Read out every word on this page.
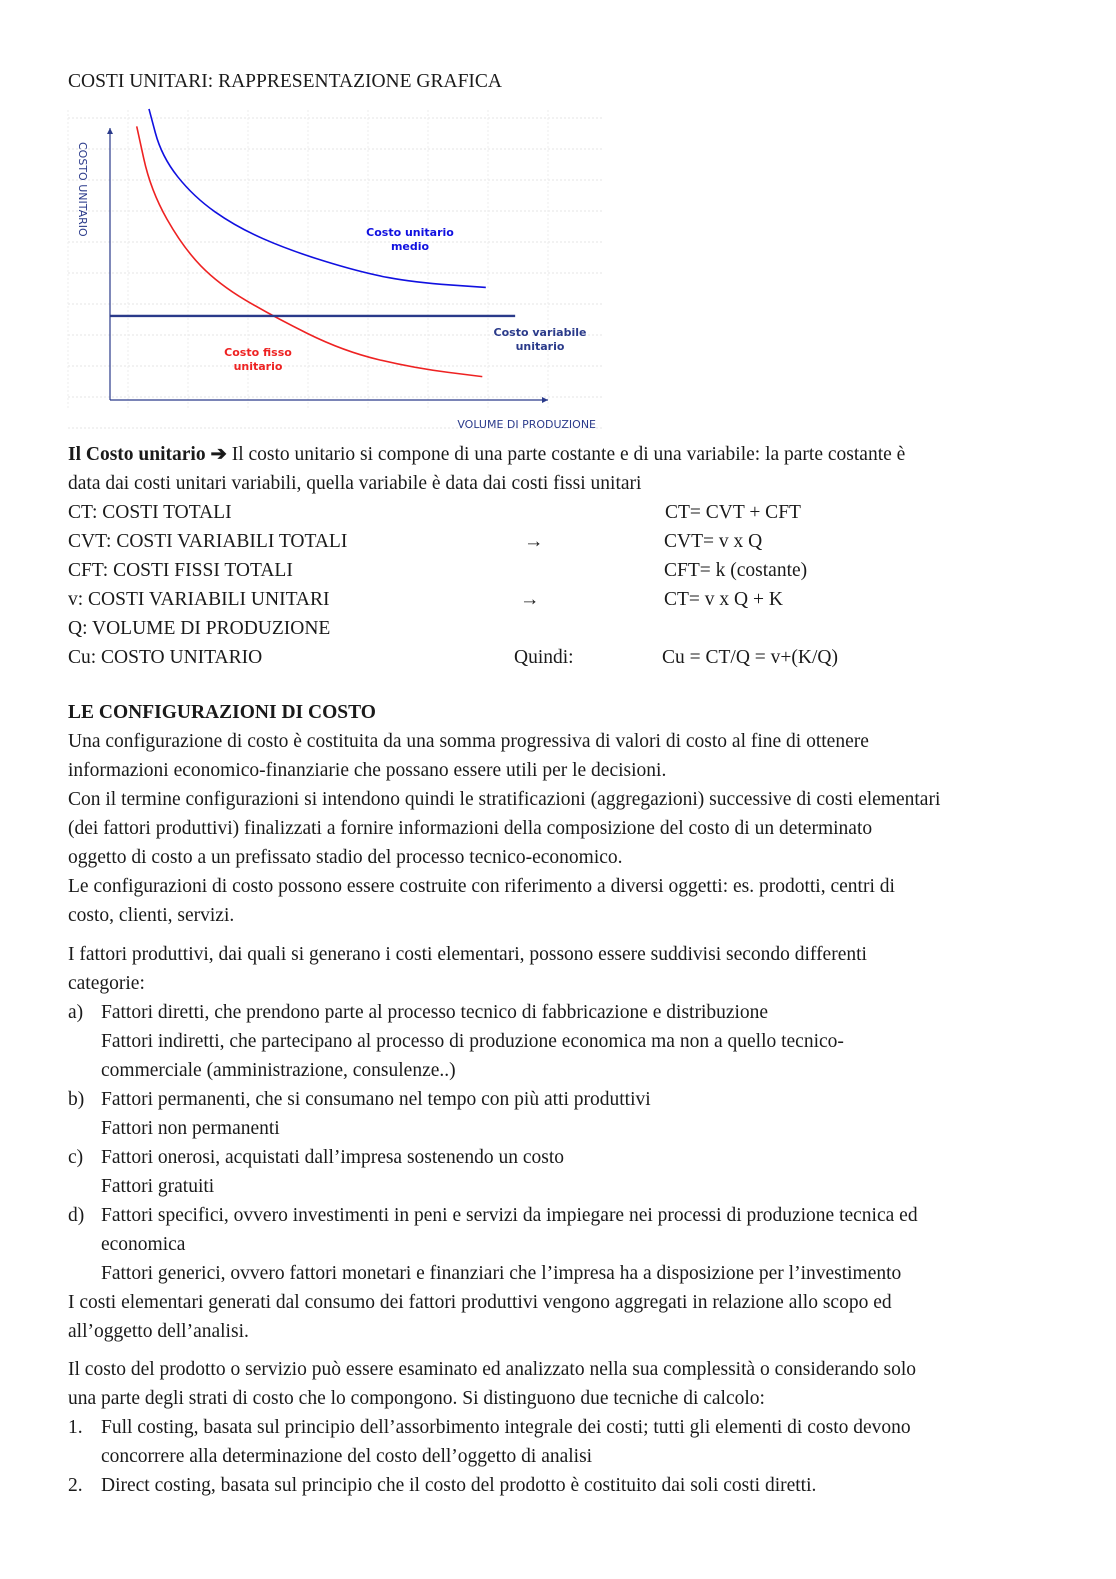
COSTI UNITARI: RAPPRESENTAZIONE GRAFICA
COSTO UNITARIO
VOLUME DI PRODUZIONE
Costo unitario
medio
Costo fisso
unitario
Costo variabile
unitario
Il Costo unitario ➔ Il costo unitario si compone di una parte costante e di una variabile: la parte costante è
data dai costi unitari variabili, quella variabile è data dai costi fissi unitari
CT: COSTI TOTALI	CT= CVT + CFT
CVT: COSTI VARIABILI TOTALI	→	CVT= v x Q
CFT: COSTI FISSI TOTALI	CFT= k (costante)
v: COSTI VARIABILI UNITARI	→	CT= v x Q + K
Q: VOLUME DI PRODUZIONE
Cu: COSTO UNITARIO	Quindi:	Cu = CT/Q = v+(K/Q)
LE CONFIGURAZIONI DI COSTO
Una configurazione di costo è costituita da una somma progressiva di valori di costo al fine di ottenere
informazioni economico-finanziarie che possano essere utili per le decisioni.
Con il termine configurazioni si intendono quindi le stratificazioni (aggregazioni) successive di costi elementari
(dei fattori produttivi) finalizzati a fornire informazioni della composizione del costo di un determinato
oggetto di costo a un prefissato stadio del processo tecnico-economico.
Le configurazioni di costo possono essere costruite con riferimento a diversi oggetti: es. prodotti, centri di
costo, clienti, servizi.
I fattori produttivi, dai quali si generano i costi elementari, possono essere suddivisi secondo differenti
categorie:
a) Fattori diretti, che prendono parte al processo tecnico di fabbricazione e distribuzione
Fattori indiretti, che partecipano al processo di produzione economica ma non a quello tecnico-
commerciale (amministrazione, consulenze..)
b) Fattori permanenti, che si consumano nel tempo con più atti produttivi
Fattori non permanenti
c) Fattori onerosi, acquistati dall’impresa sostenendo un costo
Fattori gratuiti
d) Fattori specifici, ovvero investimenti in peni e servizi da impiegare nei processi di produzione tecnica ed
economica
Fattori generici, ovvero fattori monetari e finanziari che l’impresa ha a disposizione per l’investimento
I costi elementari generati dal consumo dei fattori produttivi vengono aggregati in relazione allo scopo ed
all’oggetto dell’analisi.
Il costo del prodotto o servizio può essere esaminato ed analizzato nella sua complessità o considerando solo
una parte degli strati di costo che lo compongono. Si distinguono due tecniche di calcolo:
1. Full costing, basata sul principio dell’assorbimento integrale dei costi; tutti gli elementi di costo devono
concorrere alla determinazione del costo dell’oggetto di analisi
2. Direct costing, basata sul principio che il costo del prodotto è costituito dai soli costi diretti.
